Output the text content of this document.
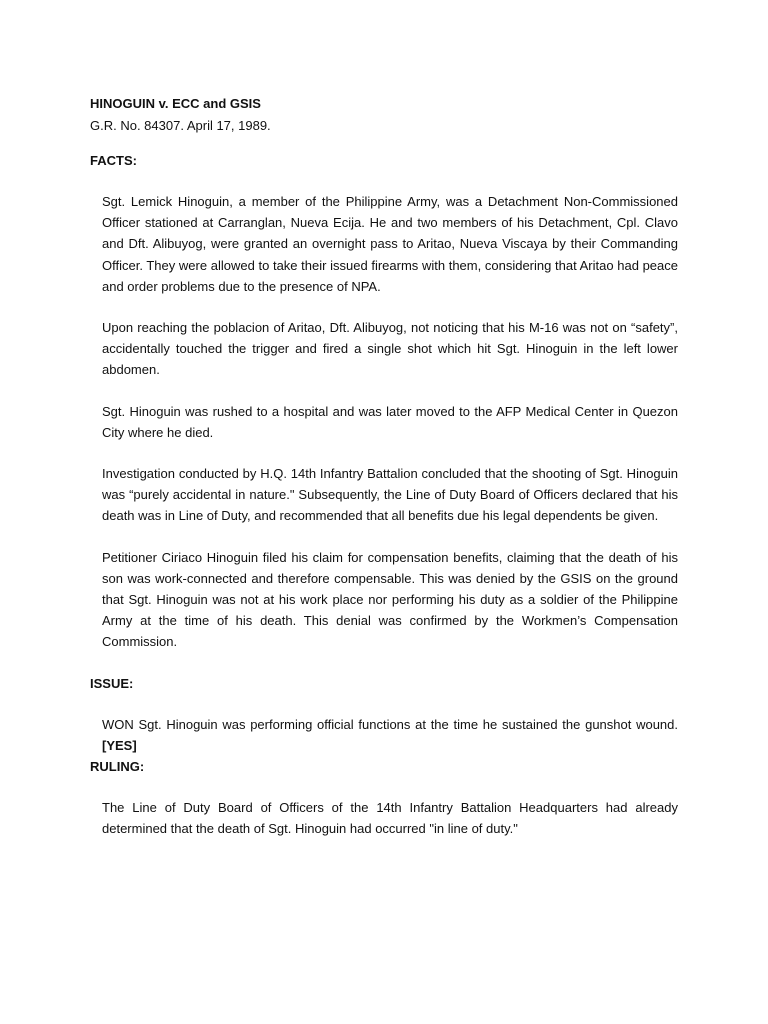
HINOGUIN v. ECC and GSIS
G.R. No. 84307. April 17, 1989.
FACTS:
Sgt. Lemick Hinoguin, a member of the Philippine Army, was a Detachment Non-Commissioned Officer stationed at Carranglan, Nueva Ecija. He and two members of his Detachment, Cpl. Clavo and Dft. Alibuyog, were granted an overnight pass to Aritao, Nueva Viscaya by their Commanding Officer. They were allowed to take their issued firearms with them, considering that Aritao had peace and order problems due to the presence of NPA.
Upon reaching the poblacion of Aritao, Dft. Alibuyog, not noticing that his M-16 was not on “safety”, accidentally touched the trigger and fired a single shot which hit Sgt. Hinoguin in the left lower abdomen.
Sgt. Hinoguin was rushed to a hospital and was later moved to the AFP Medical Center in Quezon City where he died.
Investigation conducted by H.Q. 14th Infantry Battalion concluded that the shooting of Sgt. Hinoguin was “purely accidental in nature." Subsequently, the Line of Duty Board of Officers declared that his death was in Line of Duty, and recommended that all benefits due his legal dependents be given.
Petitioner Ciriaco Hinoguin filed his claim for compensation benefits, claiming that the death of his son was work-connected and therefore compensable. This was denied by the GSIS on the ground that Sgt. Hinoguin was not at his work place nor performing his duty as a soldier of the Philippine Army at the time of his death. This denial was confirmed by the Workmen’s Compensation Commission.
ISSUE:
WON Sgt. Hinoguin was performing official functions at the time he sustained the gunshot wound. [YES]
RULING:
The Line of Duty Board of Officers of the 14th Infantry Battalion Headquarters had already determined that the death of Sgt. Hinoguin had occurred "in line of duty."
